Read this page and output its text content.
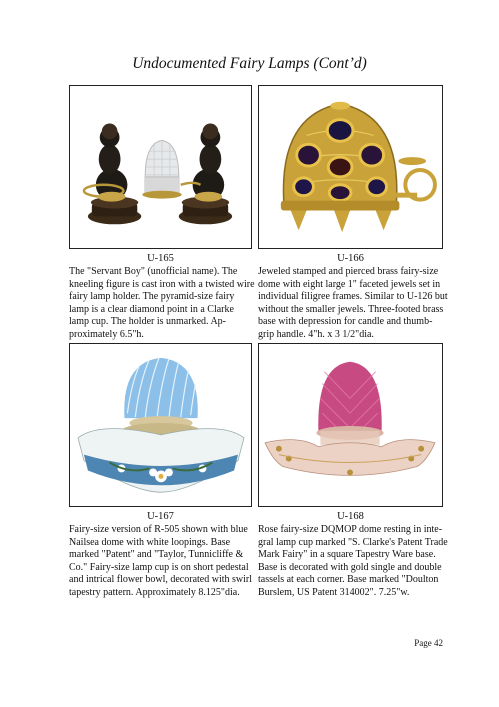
Undocumented Fairy Lamps (Cont’d)
U-165	U-166

The "Servant Boy" (unofficial name). The kneeling figure is cast iron with a twisted wire fairy lamp holder. The pyramid-size fairy lamp is a clear diamond point in a Clarke lamp cup. The holder is unmarked. Ap- proximately 6.5"h.

Jeweled stamped and pierced brass fairy-size dome with eight large 1" faceted jewels set in individual filigree frames. Similar to U-126 but without the smaller jewels. Three-footed brass base with depression for candle and thumb-grip handle. 4"h. x 3 1/2"dia.

U-167	U-168

Fairy-size version of R-505 shown with blue Nailsea dome with white loopings. Base marked "Patent" and "Taylor, Tunnicliffe & Co." Fairy-size lamp cup is on short pedestal and intrical flower bowl, decorated with swirl tapestry pattern. Approximately 8.125"dia.

Rose fairy-size DQMOP dome resting in inte- gral lamp cup marked "S. Clarke's Patent Trade Mark Fairy" in a square Tapestry Ware base. Base is decorated with gold single and double tassels at each corner. Base marked "Doulton Burslem, US Patent 314002". 7.25"w.

Page 42
